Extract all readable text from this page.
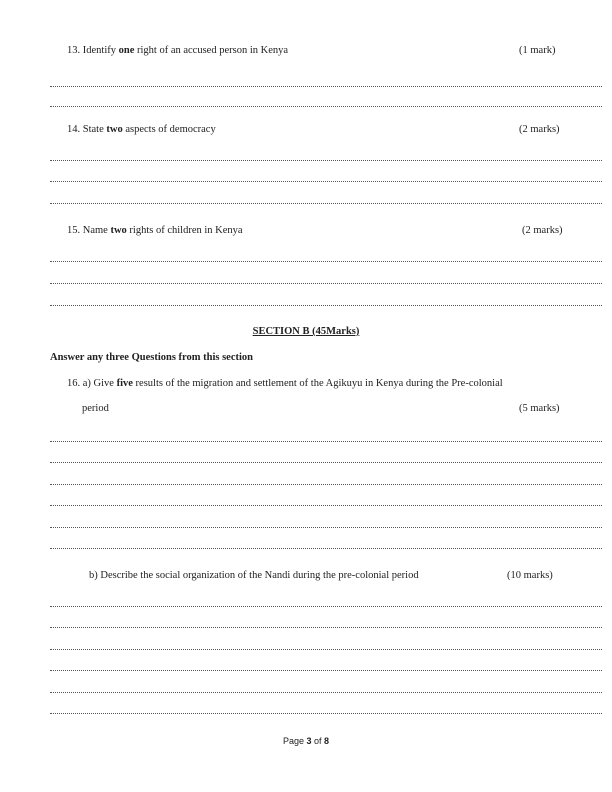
13. Identify one right of an accused person in Kenya	(1 mark)
14. State two aspects of democracy	(2 marks)
15. Name two rights of children in Kenya	(2 marks)
SECTION B (45Marks)
Answer any three Questions from this section
16. a) Give five results of the migration and settlement of the Agikuyu in Kenya during the Pre-colonial
period	(5 marks)
b) Describe the social organization of the Nandi during the pre-colonial period	(10 marks)
Page 3 of 8
